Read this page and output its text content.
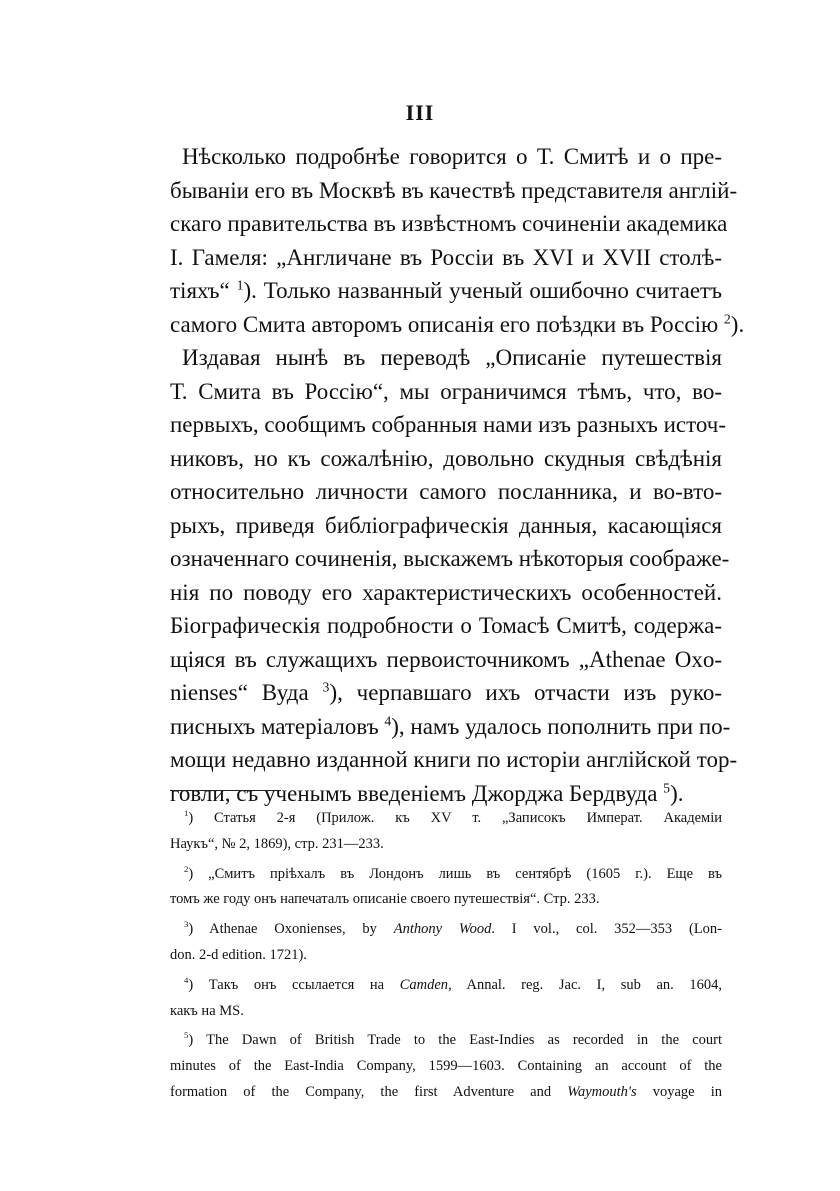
III
Нѣсколько подробнѣе говорится о Т. Смитѣ и о пре-
быванiи его въ Москвѣ въ качествѣ представителя англiй-
скаго правительства въ извѣстномъ сочиненiи академика
I. Гамеля: „Англичане въ Россiи въ XVI и XVII столѣ-
тiяхъ“ $^1$). Только названный ученый ошибочно считаетъ
самого Смита авторомъ описанiя его поѣздки въ Россiю $^2$).
Издавая нынѣ въ переводѣ „Описанiе путешествiя
Т. Смита въ Россiю“, мы ограничимся тѣмъ, что, во-
первыхъ, сообщимъ собранныя нами изъ разныхъ источ-
никовъ, но къ сожалѣнiю, довольно скудныя свѣдѣнiя
относительно личности самого посланника, и во-вто-
рыхъ, приведя библiографическiя данныя, касающiяся
означеннаго сочиненiя, выскажемъ нѣкоторыя соображе-
нiя по поводу его характеристическихъ особенностей.
Бiографическiя подробности о Томасѣ Смитѣ, содержа-
щiяся въ служащихъ первоисточникомъ „Athenae Oxo-
nienses“ Вуда $^3$), черпавшаго ихъ отчасти изъ руко-
писныхъ матерiаловъ $^4$), намъ удалось пополнить при по-
мощи недавно изданной книги по исторiи англiйской тор-
говли, съ ученымъ введенiемъ Джорджа Бердвуда $^5$).
$^1$) Статья 2-я (Прилож. къ XV т. „Записокъ Императ. Академiи
Наукъ“, № 2, 1869), стр. 231—233.
$^2$) „Смитъ прiѣхалъ въ Лондонъ лишь въ сентябрѣ (1605 г.). Еще въ
томъ же году онъ напечаталъ описанiе своего путешествiя“. Стр. 233.
$^3$) Athenae Oxonienses, by Anthony Wood. I vol., col. 352—353 (Lon-
don. 2-d edition. 1721).
$^4$) Такъ онъ ссылается на Camden, Annal. reg. Jac. I, sub an. 1604,
какъ на MS.
$^5$) The Dawn of British Trade to the East-Indies as recorded in the court
minutes of the East-India Company, 1599—1603. Containing an account of the
formation of the Company, the first Adventure and Waymouth's voyage in
